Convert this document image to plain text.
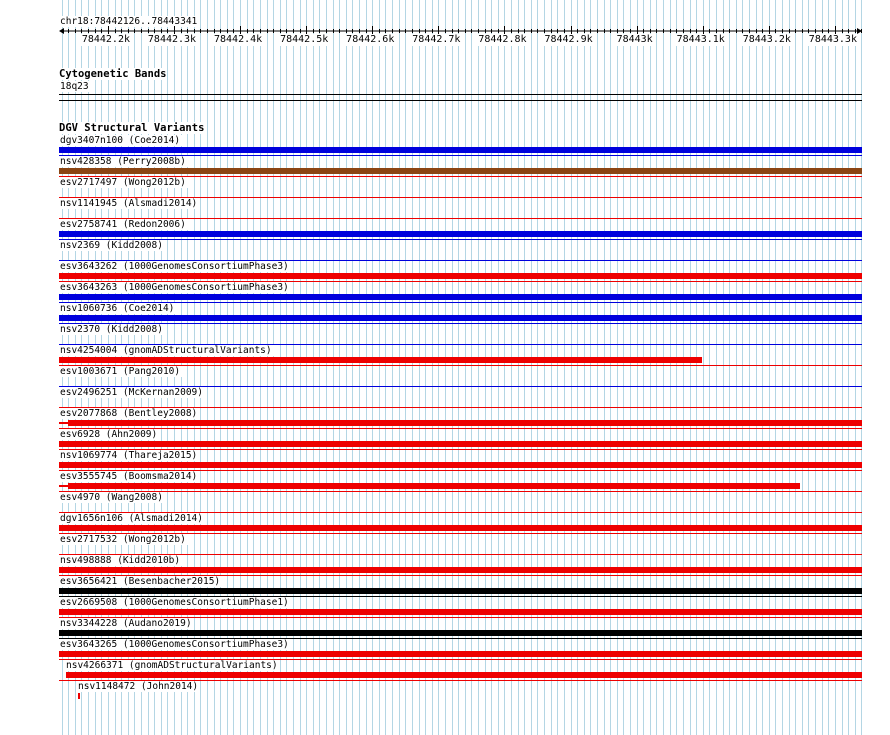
chr18:78442126..78443341
78442.2k 78442.3k 78442.4k 78442.5k 78442.6k 78442.7k 78442.8k 78442.9k 78443k 78443.1k 78443.2k 78443.3k
Cytogenetic Bands
18q23
DGV Structural Variants
dgv3407n100 (Coe2014)
nsv428358 (Perry2008b)
esv2717497 (Wong2012b)
nsv1141945 (Alsmadi2014)
esv2758741 (Redon2006)
nsv2369 (Kidd2008)
esv3643262 (1000GenomesConsortiumPhase3)
esv3643263 (1000GenomesConsortiumPhase3)
nsv1060736 (Coe2014)
nsv2370 (Kidd2008)
nsv4254004 (gnomADStructuralVariants)
esv1003671 (Pang2010)
esv2496251 (McKernan2009)
esv2077868 (Bentley2008)
esv6928 (Ahn2009)
nsv1069774 (Thareja2015)
esv3555745 (Boomsma2014)
esv4970 (Wang2008)
dgv1656n106 (Alsmadi2014)
esv2717532 (Wong2012b)
nsv498888 (Kidd2010b)
esv3656421 (Besenbacher2015)
esv2669508 (1000GenomesConsortiumPhase1)
nsv3344228 (Audano2019)
esv3643265 (1000GenomesConsortiumPhase3)
nsv4266371 (gnomADStructuralVariants)
nsv1148472 (John2014)
